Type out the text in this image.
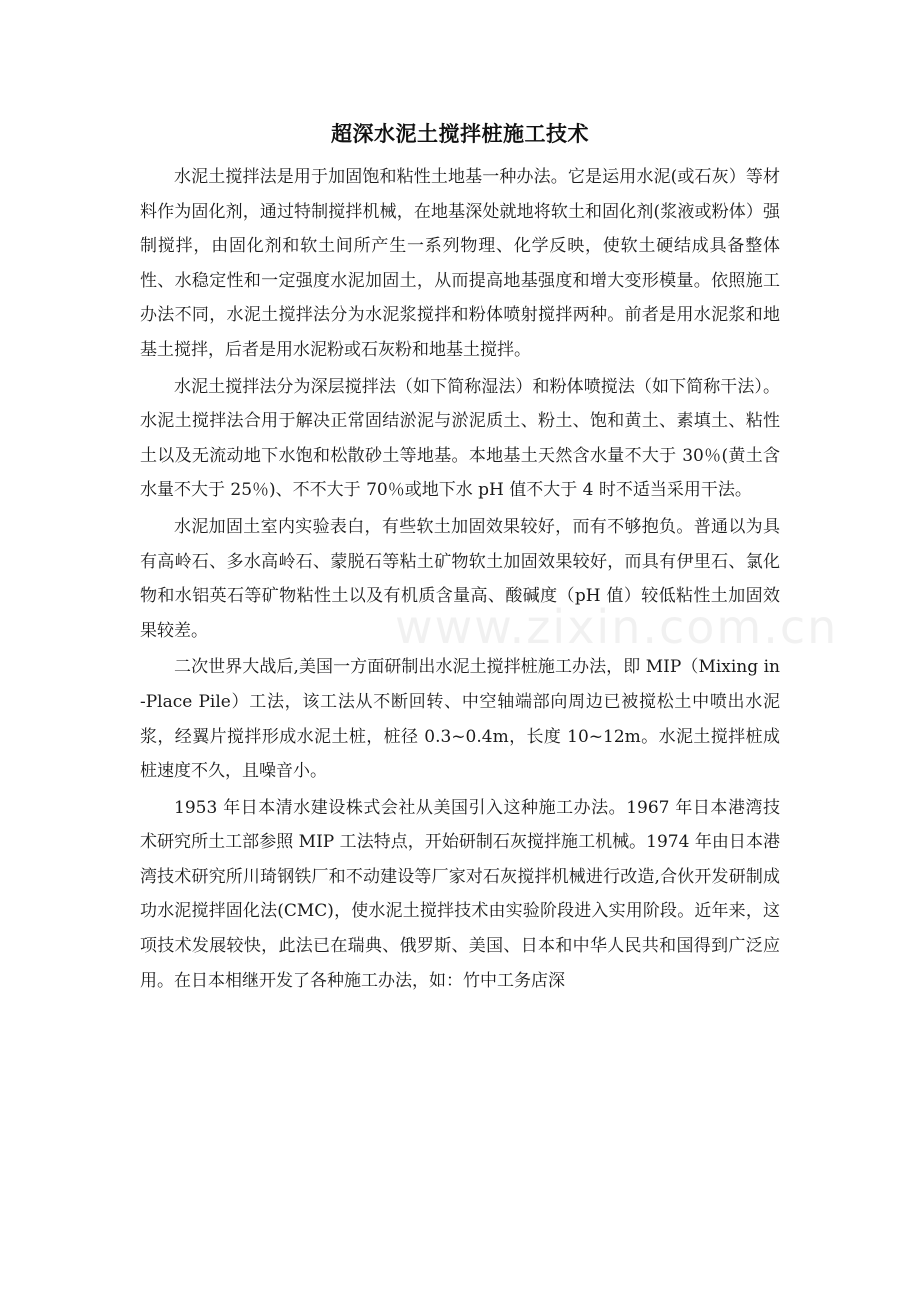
超深水泥土搅拌桩施工技术

水泥土搅拌法是用于加固饱和粘性土地基一种办法。它是运用水泥(或石灰）等材料作为固化剂，通过特制搅拌机械，在地基深处就地将软土和固化剂(浆液或粉体）强制搅拌，由固化剂和软土间所产生一系列物理、化学反映，使软土硬结成具备整体性、水稳定性和一定强度水泥加固土，从而提高地基强度和增大变形模量。依照施工办法不同，水泥土搅拌法分为水泥浆搅拌和粉体喷射搅拌两种。前者是用水泥浆和地基土搅拌，后者是用水泥粉或石灰粉和地基土搅拌。

水泥土搅拌法分为深层搅拌法（如下简称湿法）和粉体喷搅法（如下简称干法）。水泥土搅拌法合用于解决正常固结淤泥与淤泥质土、粉土、饱和黄土、素填土、粘性土以及无流动地下水饱和松散砂土等地基。本地基土天然含水量不大于 30％(黄土含水量不大于 25％)、不不大于 70％或地下水 pH 值不大于 4 时不适当采用干法。

水泥加固土室内实验表白，有些软土加固效果较好，而有不够抱负。普通以为具有高岭石、多水高岭石、蒙脱石等粘土矿物软土加固效果较好，而具有伊里石、氯化物和水铝英石等矿物粘性土以及有机质含量高、酸碱度（pH 值）较低粘性土加固效果较差。

二次世界大战后,美国一方面研制出水泥土搅拌桩施工办法，即 MIP（Mixing in-Place Pile）工法，该工法从不断回转、中空轴端部向周边已被搅松土中喷出水泥浆，经翼片搅拌形成水泥土桩，桩径 0.3~0.4m，长度 10~12m。水泥土搅拌桩成桩速度不久，且噪音小。

1953 年日本清水建设株式会社从美国引入这种施工办法。1967 年日本港湾技术研究所土工部参照 MIP 工法特点，开始研制石灰搅拌施工机械。1974 年由日本港湾技术研究所川琦钢铁厂和不动建设等厂家对石灰搅拌机械进行改造,合伙开发研制成功水泥搅拌固化法(CMC)，使水泥土搅拌技术由实验阶段进入实用阶段。近年来，这项技术发展较快，此法已在瑞典、俄罗斯、美国、日本和中华人民共和国得到广泛应用。在日本相继开发了各种施工办法，如：竹中工务店深

www.zixin.com.cn
